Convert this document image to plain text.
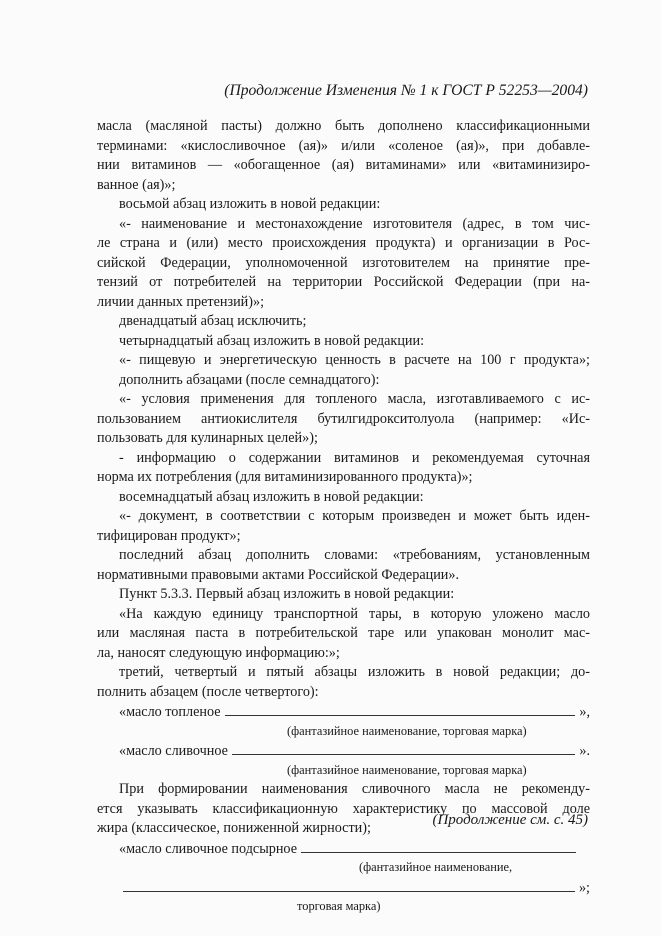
(Продолжение Изменения № 1 к ГОСТ Р 52253—2004)
масла (масляной пасты) должно быть дополнено классификационными
терминами: «кислосливочное (ая)» и/или «соленое (ая)», при добавле-
нии витаминов — «обогащенное (ая) витаминами» или «витаминизиро-
ванное (ая)»;
восьмой абзац изложить в новой редакции:
«- наименование и местонахождение изготовителя (адрес, в том чис-
ле страна и (или) место происхождения продукта) и организации в Рос-
сийской Федерации, уполномоченной изготовителем на принятие пре-
тензий от потребителей на территории Российской Федерации (при на-
личии данных претензий)»;
двенадцатый абзац исключить;
четырнадцатый абзац изложить в новой редакции:
«- пищевую и энергетическую ценность в расчете на 100 г продукта»;
дополнить абзацами (после семнадцатого):
«- условия применения для топленого масла, изготавливаемого с ис-
пользованием антиокислителя бутилгидрокситолуола (например: «Ис-
пользовать для кулинарных целей»);
- информацию о содержании витаминов и рекомендуемая суточная
норма их потребления (для витаминизированного продукта)»;
восемнадцатый абзац изложить в новой редакции:
«- документ, в соответствии с которым произведен и может быть иден-
тифицирован продукт»;
последний абзац дополнить словами: «требованиям, установленным
нормативными правовыми актами Российской Федерации».
Пункт 5.3.3. Первый абзац изложить в новой редакции:
«На каждую единицу транспортной тары, в которую уложено масло
или масляная паста в потребительской таре или упакован монолит мас-
ла, наносят следующую информацию:»;
третий, четвертый и пятый абзацы изложить в новой редакции; до-
полнить абзацем (после четвертого):
«масло топленое	»,
(фантазийное наименование, торговая марка)
«масло сливочное	».
(фантазийное наименование, торговая марка)
При формировании наименования сливочного масла не рекоменду-
ется указывать классификационную характеристику по массовой доле
жира (классическое, пониженной жирности);
«масло сливочное подсырное
(фантазийное наименование,
»;
торговая марка)
(Продолжение см. с. 45)
